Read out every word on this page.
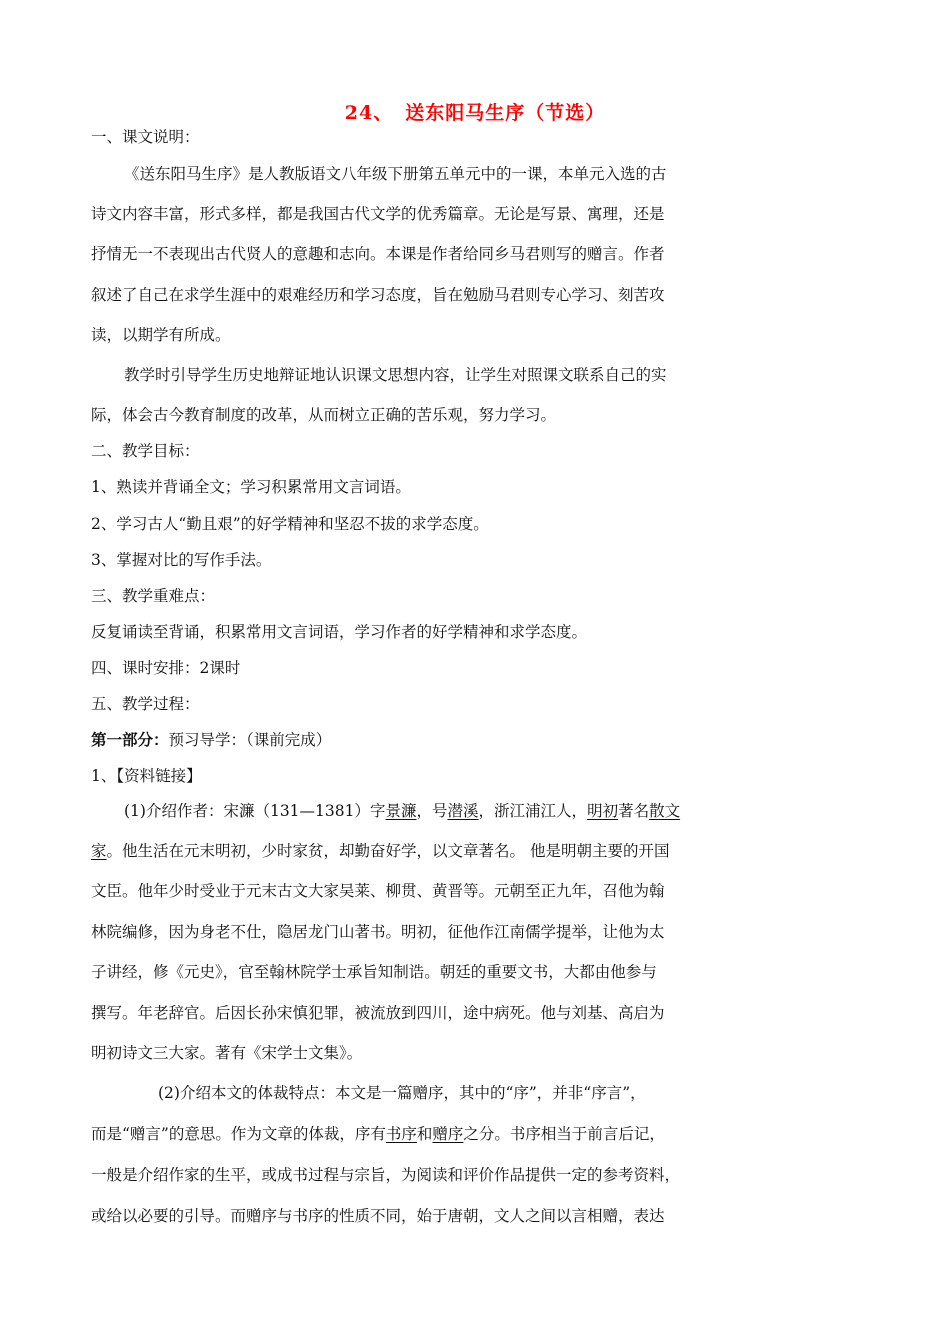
24、 送东阳马生序（节选）
一、课文说明：
《送东阳马生序》是人教版语文八年级下册第五单元中的一课，本单元入选的古
诗文内容丰富，形式多样，都是我国古代文学的优秀篇章。无论是写景、寓理，还是
抒情无一不表现出古代贤人的意趣和志向。本课是作者给同乡马君则写的赠言。作者
叙述了自己在求学生涯中的艰难经历和学习态度，旨在勉励马君则专心学习、刻苦攻
读，以期学有所成。
教学时引导学生历史地辩证地认识课文思想内容，让学生对照课文联系自己的实
际，体会古今教育制度的改革，从而树立正确的苦乐观，努力学习。
二、教学目标：
1、熟读并背诵全文；学习积累常用文言词语。
2、学习古人“勤且艰”的好学精神和坚忍不拔的求学态度。
3、掌握对比的写作手法。
三、教学重难点：
反复诵读至背诵，积累常用文言词语，学习作者的好学精神和求学态度。
四、课时安排：2课时
五、教学过程：
第一部分：预习导学：（课前完成）
1、【资料链接】
(1)介绍作者：宋濂（131—1381）字景濂，号潜溪，浙江浦江人，明初著名散文
家。他生活在元末明初，少时家贫，却勤奋好学，以文章著名。 他是明朝主要的开国
文臣。他年少时受业于元末古文大家吴莱、柳贯、黄晋等。元朝至正九年，召他为翰
林院编修，因为身老不仕，隐居龙门山著书。明初，征他作江南儒学提举，让他为太
子讲经，修《元史》，官至翰林院学士承旨知制诰。朝廷的重要文书，大都由他参与
撰写。年老辞官。后因长孙宋慎犯罪，被流放到四川，途中病死。他与刘基、高启为
明初诗文三大家。著有《宋学士文集》。
(2)介绍本文的体裁特点：本文是一篇赠序，其中的“序”，并非“序言”，
而是“赠言”的意思。作为文章的体裁，序有书序和赠序之分。书序相当于前言后记，
一般是介绍作家的生平，或成书过程与宗旨，为阅读和评价作品提供一定的参考资料，
或给以必要的引导。而赠序与书序的性质不同，始于唐朝，文人之间以言相赠，表达
